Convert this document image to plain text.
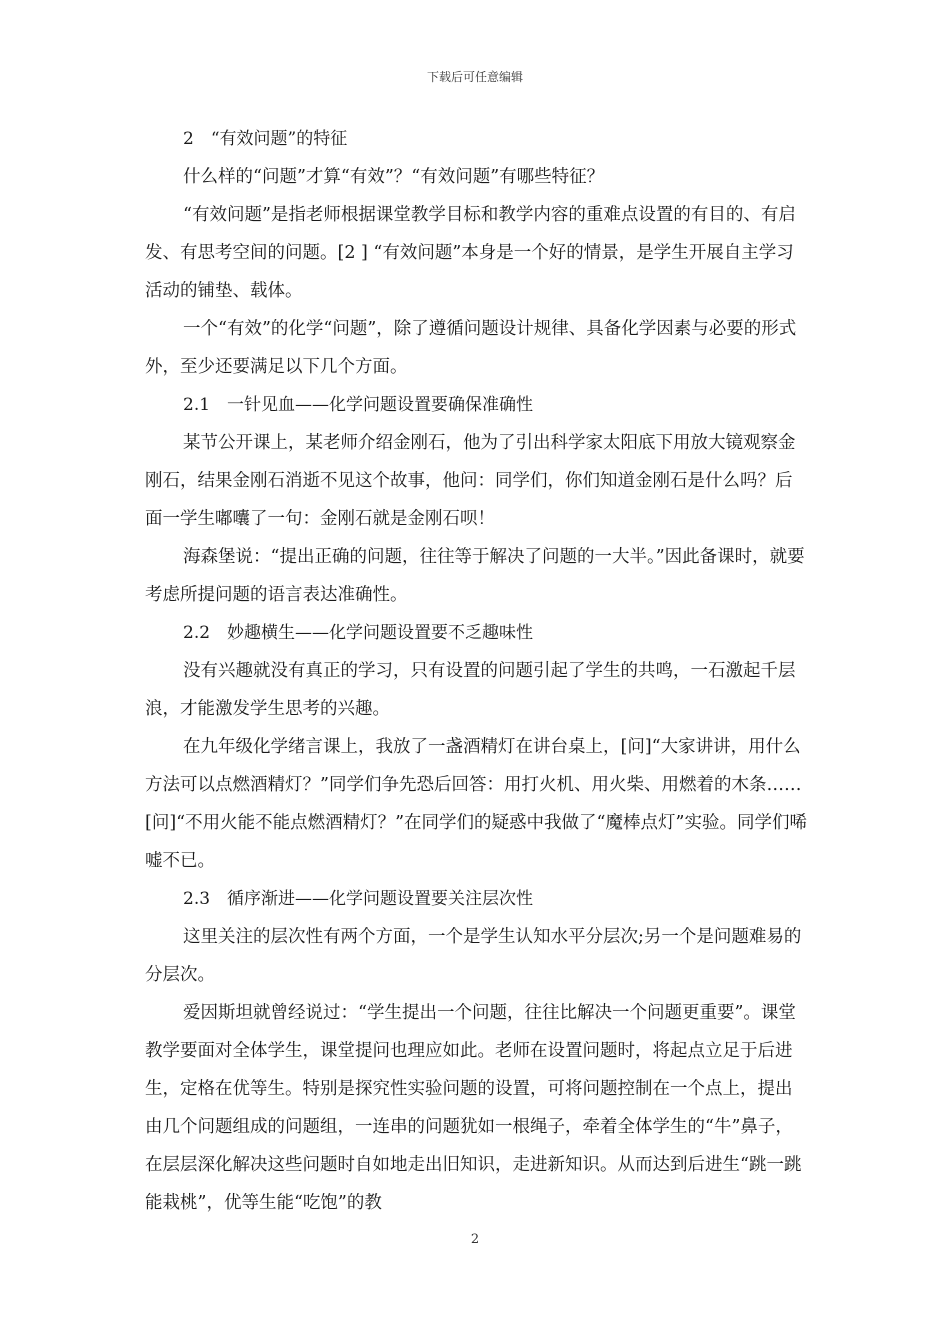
下载后可任意编辑

2　“有效问题”的特征

什么样的“问题”才算“有效”？“有效问题”有哪些特征？

“有效问题”是指老师根据课堂教学目标和教学内容的重难点设置的有目的、有启发、有思考空间的问题。[2 ] “有效问题”本身是一个好的情景，是学生开展自主学习活动的铺垫、载体。

一个“有效”的化学“问题”，除了遵循问题设计规律、具备化学因素与必要的形式外，至少还要满足以下几个方面。

2.1　一针见血——化学问题设置要确保准确性

某节公开课上，某老师介绍金刚石，他为了引出科学家太阳底下用放大镜观察金刚石，结果金刚石消逝不见这个故事，他问：同学们，你们知道金刚石是什么吗？后面一学生嘟囔了一句：金刚石就是金刚石呗！

海森堡说：“提出正确的问题，往往等于解决了问题的一大半。”因此备课时，就要考虑所提问题的语言表达准确性。

2.2　妙趣横生——化学问题设置要不乏趣味性

没有兴趣就没有真正的学习，只有设置的问题引起了学生的共鸣，一石激起千层浪，才能激发学生思考的兴趣。

在九年级化学绪言课上，我放了一盏酒精灯在讲台桌上，[问]“大家讲讲，用什么方法可以点燃酒精灯？”同学们争先恐后回答：用打火机、用火柴、用燃着的木条……[问]“不用火能不能点燃酒精灯？”在同学们的疑惑中我做了“魔棒点灯”实验。同学们唏嘘不已。

2.3　循序渐进——化学问题设置要关注层次性

这里关注的层次性有两个方面，一个是学生认知水平分层次;另一个是问题难易的分层次。

爱因斯坦就曾经说过：“学生提出一个问题，往往比解决一个问题更重要”。课堂教学要面对全体学生，课堂提问也理应如此。老师在设置问题时，将起点立足于后进生，定格在优等生。特别是探究性实验问题的设置，可将问题控制在一个点上，提出由几个问题组成的问题组，一连串的问题犹如一根绳子，牵着全体学生的“牛”鼻子，在层层深化解决这些问题时自如地走出旧知识，走进新知识。从而达到后进生“跳一跳能栽桃”，优等生能“吃饱”的教

2
